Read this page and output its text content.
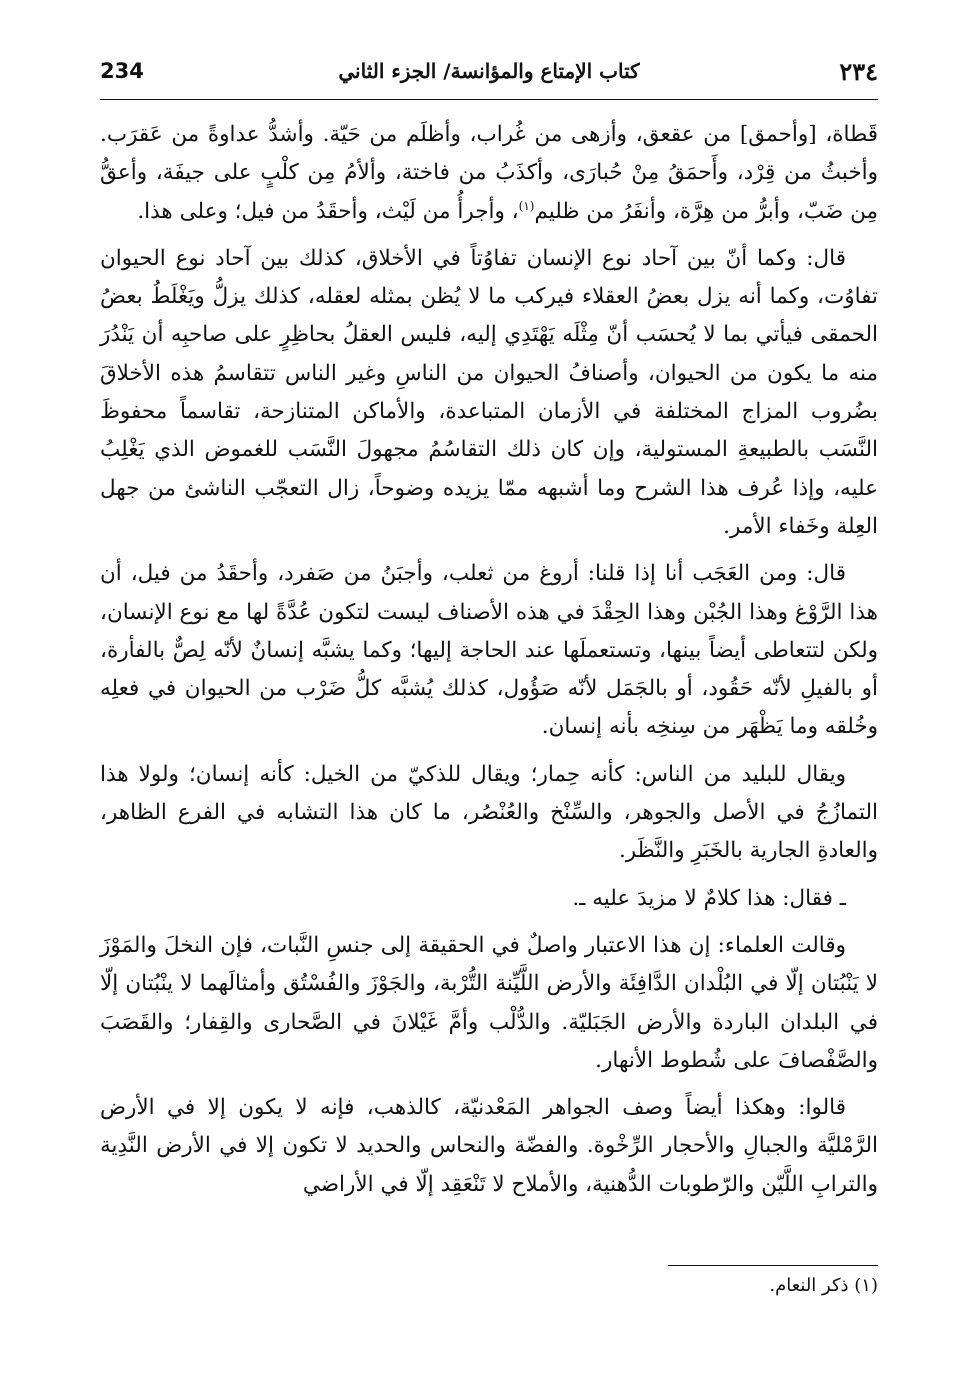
234	كتاب الإمتاع والمؤانسة/ الجزء الثاني	٢٣٤

قَطاة، [وأحمق] من عقعق، وأزهى من غُراب، وأظلَم من حَيّة. وأشدُّ عداوةً من عَقرَب. وأخبثُ من قِرْد، وأَحمَقُ مِنْ حُبارَى، وأكذَبُ من فاختة، وألأمُ مِن كلْبٍ على جيفَة، وأعقُّ مِن ضَبّ، وأبرُّ من هِرَّة، وأنفَرُ من ظليم$^{(١)}$، وأجرأُ من لَيْث، وأحقَدُ من فيل؛ وعلى هذا.

قال: وكما أنّ بين آحاد نوع الإنسان تفاوُتاً في الأخلاق، كذلك بين آحاد نوع الحيوان تفاوُت، وكما أنه يزل بعضُ العقلاء فيركب ما لا يُظن بمثله لعقله، كذلك يزلُّ ويَغْلَطُ بعضُ الحمقى فيأتي بما لا يُحسَب أنّ مِثْلَه يَهْتَدِي إليه، فليس العقلُ بحاظِرٍ على صاحبِه أن يَنْدُرَ منه ما يكون من الحيوان، وأصنافُ الحيوان من الناسِ وغير الناس تتقاسمُ هذه الأخلاقَ بضُروب المزاج المختلفة في الأزمان المتباعدة، والأماكن المتنازحة، تقاسماً محفوظَ النَّسَب بالطبيعةِ المستولية، وإن كان ذلك التقاسُمُ مجهولَ النَّسَب للغموض الذي يَغْلِبُ عليه، وإذا عُرف هذا الشرح وما أشبهه ممّا يزيده وضوحاً، زال التعجّب الناشئ من جهل العِلة وخَفاء الأمر.

قال: ومن العَجَب أنا إذا قلنا: أروغ من ثعلب، وأجبَنُ من صَفرد، وأحقَدُ من فيل، أن هذا الرَّوْغ وهذا الجُبْن وهذا الحِقْدَ في هذه الأصناف ليست لتكون عُدَّةً لها مع نوع الإنسان، ولكن لتتعاطى أيضاً بينها، وتستعملَها عند الحاجة إليها؛ وكما يشبَّه إنسانٌ لأنّه لِصٌّ بالفأرة، أو بالفيلِ لأنّه حَقُود، أو بالجَمَل لأنّه صَؤُول، كذلك يُشبَّه كلُّ ضَرْب من الحيوان في فعلِه وخُلقه وما يَظْهَر من سِنخِه بأنه إنسان.

ويقال للبليد من الناس: كأنه حِمار؛ ويقال للذكيّ من الخيل: كأنه إنسان؛ ولولا هذا التمازُجُ في الأصل والجوهر، والسِّنْخ والعُنْصُر، ما كان هذا التشابه في الفرع الظاهر، والعادةِ الجارية بالخَبَرِ والنَّظَر.

ـ فقال: هذا كلامٌ لا مزيدَ عليه ـ.

وقالت العلماء: إن هذا الاعتبار واصلٌ في الحقيقة إلى جنسِ النَّبات، فإن النخلَ والمَوْزَ لا يَنْبُتان إلّا في البُلْدان الدَّافِئَة والأرض اللَّيِّنة التُّرْبة، والجَوْزَ والفُسْتُق وأمثالَهما لا ينْبُتان إلّا في البلدان الباردة والأرض الجَبَليّة. والدُّلْب وأمَّ غَيْلانَ في الصَّحارى والقِفار؛ والقَصَبَ والصَّفْصافَ على شُطوط الأنهار.

قالوا: وهكذا أيضاً وصف الجواهر المَعْدنيّة، كالذهب، فإنه لا يكون إلا في الأرض الرَّمْليَّة والجبالِ والأحجار الرِّخْوة. والفضّة والنحاس والحديد لا تكون إلا في الأرض النَّدِية والترابِ اللَّيّن والرّطوبات الدُّهنية، والأملاح لا تَنْعَقِد إلّا في الأراضي

(١) ذكر النعام.
